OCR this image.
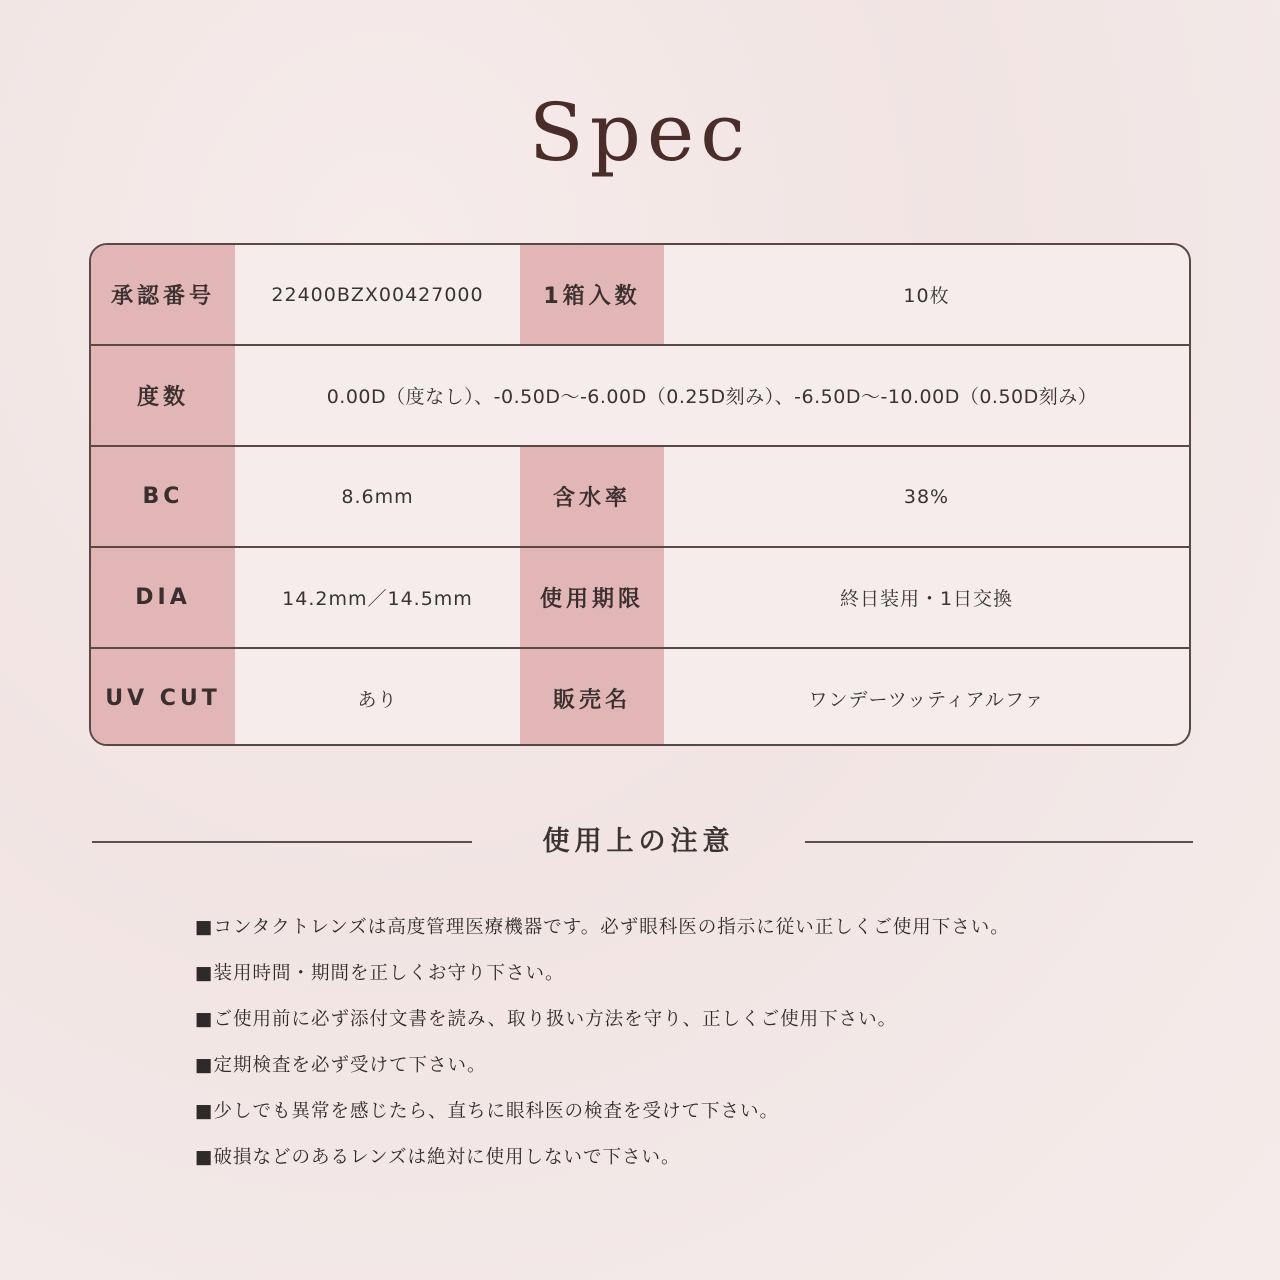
Spec
承認番号	22400BZX00427000	1箱入数	10枚
度数	0.00D（度なし）、-0.50D〜-6.00D（0.25D刻み）、-6.50D〜-10.00D（0.50D刻み）
BC	8.6mm	含水率	38%
DIA	14.2mm／14.5mm	使用期限	終日装用・1日交換
UV CUT	あり	販売名	ワンデーツッティアルファ
使用上の注意
■コンタクトレンズは高度管理医療機器です。必ず眼科医の指示に従い正しくご使用下さい。
■装用時間・期間を正しくお守り下さい。
■ご使用前に必ず添付文書を読み、取り扱い方法を守り、正しくご使用下さい。
■定期検査を必ず受けて下さい。
■少しでも異常を感じたら、直ちに眼科医の検査を受けて下さい。
■破損などのあるレンズは絶対に使用しないで下さい。
